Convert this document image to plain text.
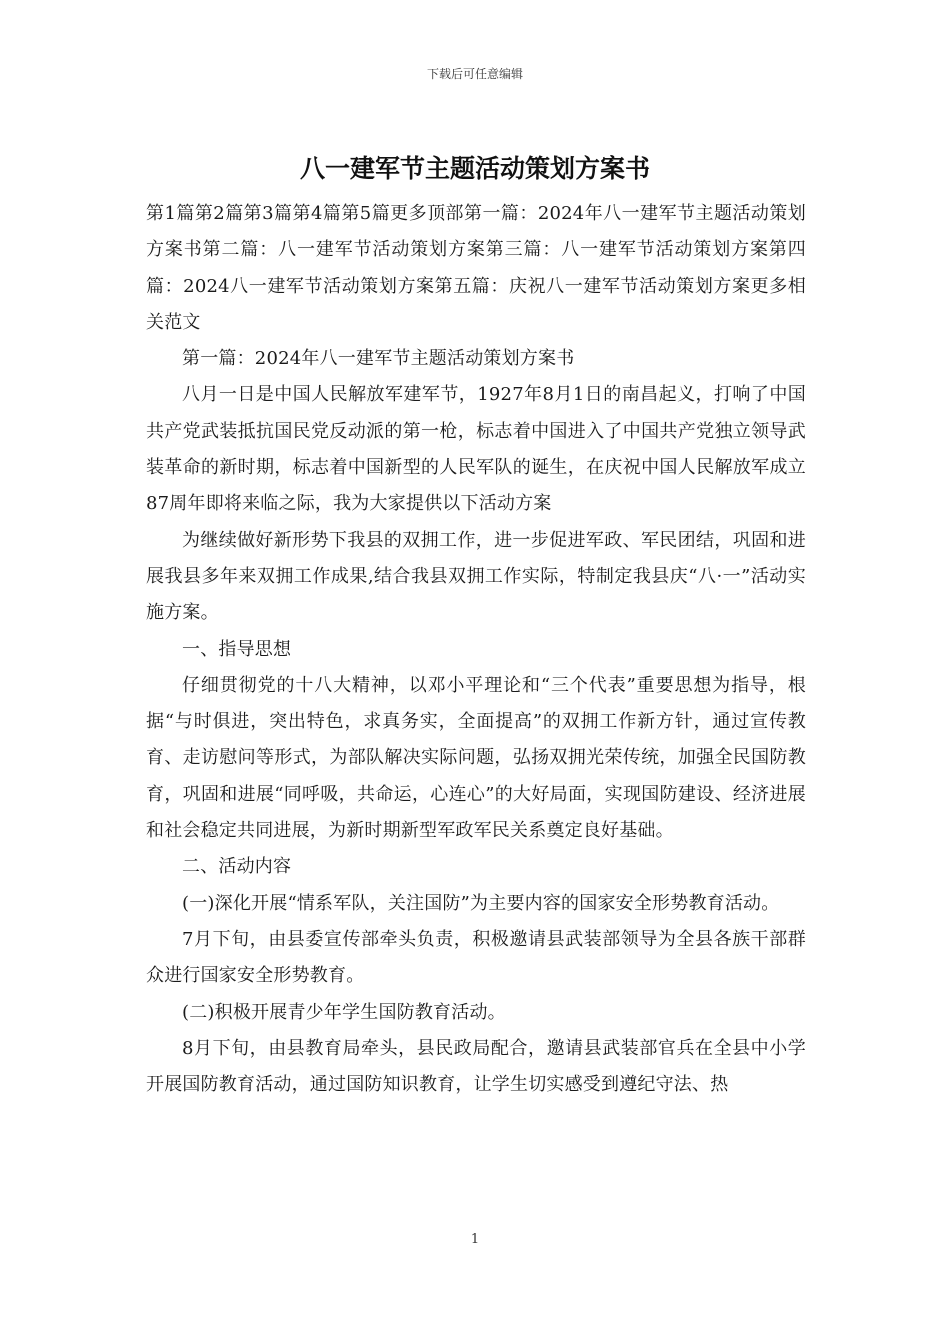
下载后可任意编辑
八一建军节主题活动策划方案书

第1篇第2篇第3篇第4篇第5篇更多顶部第一篇：2024年八一建军节主题活动策划方案书第二篇：八一建军节活动策划方案第三篇：八一建军节活动策划方案第四篇：2024八一建军节活动策划方案第五篇：庆祝八一建军节活动策划方案更多相关范文

第一篇：2024年八一建军节主题活动策划方案书

八月一日是中国人民解放军建军节，1927年8月1日的南昌起义，打响了中国共产党武装抵抗国民党反动派的第一枪，标志着中国进入了中国共产党独立领导武装革命的新时期，标志着中国新型的人民军队的诞生，在庆祝中国人民解放军成立87周年即将来临之际，我为大家提供以下活动方案

为继续做好新形势下我县的双拥工作，进一步促进军政、军民团结，巩固和进展我县多年来双拥工作成果,结合我县双拥工作实际，特制定我县庆“八·一”活动实施方案。

一、指导思想

仔细贯彻党的十八大精神，以邓小平理论和“三个代表”重要思想为指导，根据“与时俱进，突出特色，求真务实，全面提高”的双拥工作新方针，通过宣传教育、走访慰问等形式，为部队解决实际问题，弘扬双拥光荣传统，加强全民国防教育，巩固和进展“同呼吸，共命运，心连心”的大好局面，实现国防建设、经济进展和社会稳定共同进展，为新时期新型军政军民关系奠定良好基础。

二、活动内容

(一)深化开展“情系军队，关注国防”为主要内容的国家安全形势教育活动。

7月下旬，由县委宣传部牵头负责，积极邀请县武装部领导为全县各族干部群众进行国家安全形势教育。

(二)积极开展青少年学生国防教育活动。

8月下旬，由县教育局牵头，县民政局配合，邀请县武装部官兵在全县中小学开展国防教育活动，通过国防知识教育，让学生切实感受到遵纪守法、热

1
